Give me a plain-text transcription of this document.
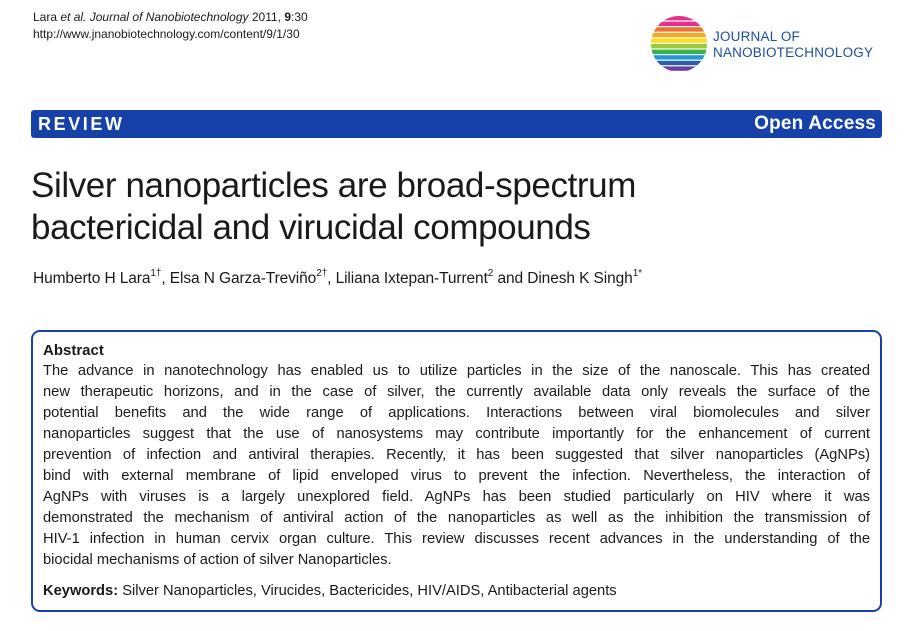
Lara et al. Journal of Nanobiotechnology 2011, 9:30
http://www.jnanobiotechnology.com/content/9/1/30	JOURNAL OF
NANOBIOTECHNOLOGY
REVIEW	Open Access
Silver nanoparticles are broad-spectrum
bactericidal and virucidal compounds
Humberto H Lara$^{1\dagger}$, Elsa N Garza-Treviño$^{2\dagger}$, Liliana Ixtepan-Turrent$^2$ and Dinesh K Singh$^{1*}$
Abstract
The advance in nanotechnology has enabled us to utilize particles in the size of the nanoscale. This has created
new therapeutic horizons, and in the case of silver, the currently available data only reveals the surface of the
potential benefits and the wide range of applications. Interactions between viral biomolecules and silver
nanoparticles suggest that the use of nanosystems may contribute importantly for the enhancement of current
prevention of infection and antiviral therapies. Recently, it has been suggested that silver nanoparticles (AgNPs)
bind with external membrane of lipid enveloped virus to prevent the infection. Nevertheless, the interaction of
AgNPs with viruses is a largely unexplored field. AgNPs has been studied particularly on HIV where it was
demonstrated the mechanism of antiviral action of the nanoparticles as well as the inhibition the transmission of
HIV-1 infection in human cervix organ culture. This review discusses recent advances in the understanding of the
biocidal mechanisms of action of silver Nanoparticles.
Keywords: Silver Nanoparticles, Virucides, Bactericides, HIV/AIDS, Antibacterial agents
